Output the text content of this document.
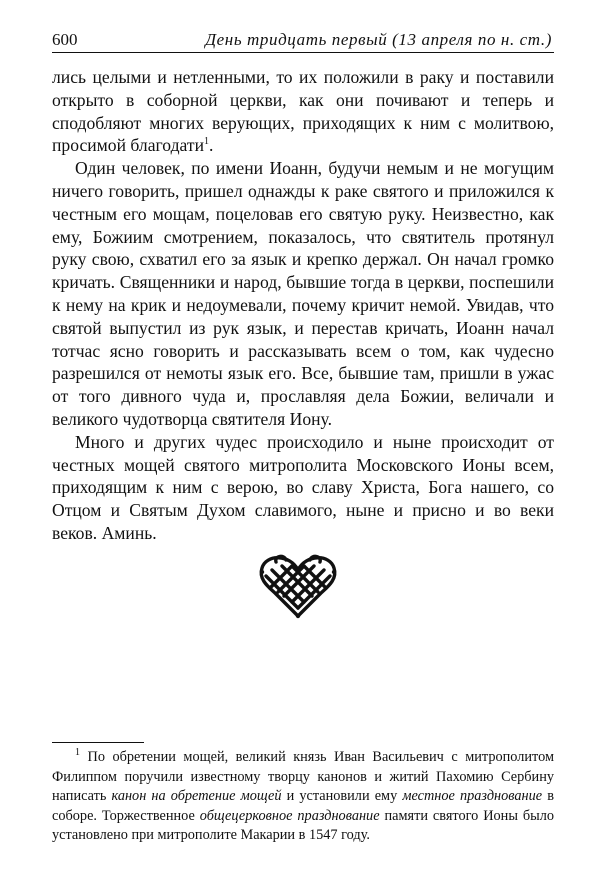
600	День тридцать первый (13 апреля по н. ст.)

лись целыми и нетленными, то их положили в раку и поставили открыто в соборной церкви, как они почивают и теперь и сподобляют многих верующих, приходящих к ним с молитвою, просимой благодати$^1$.

Один человек, по имени Иоанн, будучи немым и не могущим ничего говорить, пришел однажды к раке святого и приложился к честным его мощам, поцеловав его святую руку. Неизвестно, как ему, Божиим смотрением, показалось, что святитель протянул руку свою, схватил его за язык и крепко держал. Он начал громко кричать. Священники и народ, бывшие тогда в церкви, поспешили к нему на крик и недоумевали, почему кричит немой. Увидав, что святой выпустил из рук язык, и перестав кричать, Иоанн начал тотчас ясно говорить и рассказывать всем о том, как чудесно разрешился от немоты язык его. Все, бывшие там, пришли в ужас от того дивного чуда и, прославляя дела Божии, величали и великого чудотворца святителя Иону.

Много и других чудес происходило и ныне происходит от честных мощей святого митрополита Московского Ионы всем, приходящим к ним с верою, во славу Христа, Бога нашего, со Отцом и Святым Духом славимого, ныне и присно и во веки веков. Аминь.

$^1$ По обретении мощей, великий князь Иван Васильевич с митрополитом Филиппом поручили известному творцу канонов и житий Пахомию Сербину написать канон на обретение мощей и установили ему местное празднование в соборе. Торжественное общецерковное празднование памяти святого Ионы было установлено при митрополите Макарии в 1547 году.
